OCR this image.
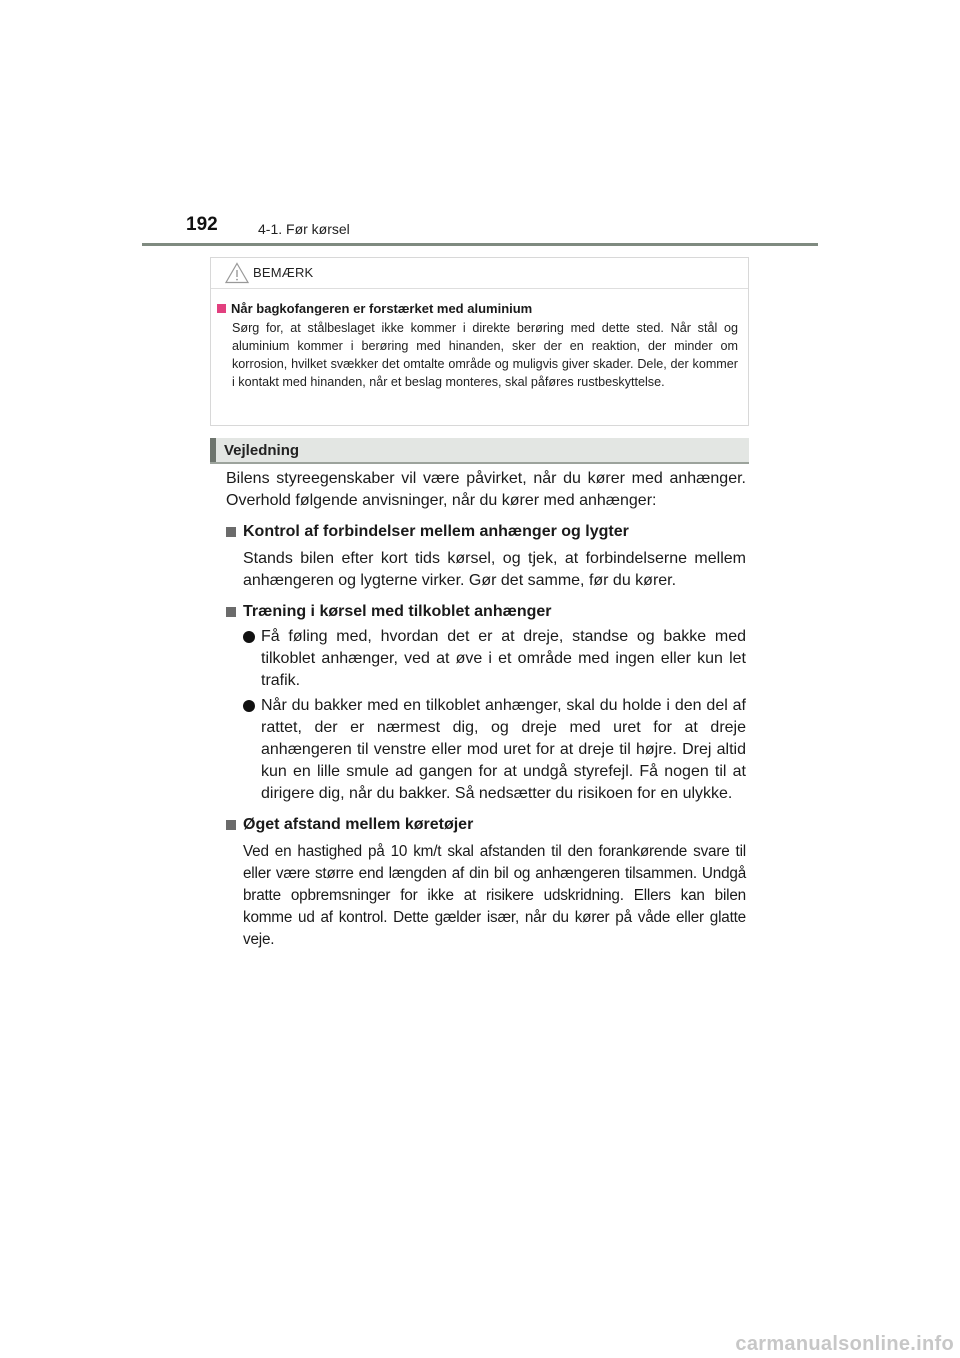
192	4-1. Før kørsel
BEMÆRK
Når bagkofangeren er forstærket med aluminium

Sørg for, at stålbeslaget ikke kommer i direkte berøring med dette sted. Når stål og aluminium kommer i berøring med hinanden, sker der en reaktion, der minder om korrosion, hvilket svækker det omtalte område og muligvis giver skader. Dele, der kommer i kontakt med hinanden, når et beslag monteres, skal påføres rustbeskyttelse.

Vejledning

Bilens styreegenskaber vil være påvirket, når du kører med anhænger. Overhold følgende anvisninger, når du kører med anhænger:

Kontrol af forbindelser mellem anhænger og lygter

Stands bilen efter kort tids kørsel, og tjek, at forbindelserne mellem anhængeren og lygterne virker. Gør det samme, før du kører.

Træning i kørsel med tilkoblet anhænger
Få føling med, hvordan det er at dreje, standse og bakke med tilkoblet anhænger, ved at øve i et område med ingen eller kun let trafik.
Når du bakker med en tilkoblet anhænger, skal du holde i den del af rattet, der er nærmest dig, og dreje med uret for at dreje anhængeren til venstre eller mod uret for at dreje til højre. Drej altid kun en lille smule ad gangen for at undgå styrefejl. Få nogen til at dirigere dig, når du bakker. Så nedsætter du risikoen for en ulykke.
Øget afstand mellem køretøjer

Ved en hastighed på 10 km/t skal afstanden til den forankørende svare til eller være større end længden af din bil og anhængeren tilsammen. Undgå bratte opbremsninger for ikke at risikere udskridning. Ellers kan bilen komme ud af kontrol. Dette gælder især, når du kører på våde eller glatte veje.

carmanualsonline.info
